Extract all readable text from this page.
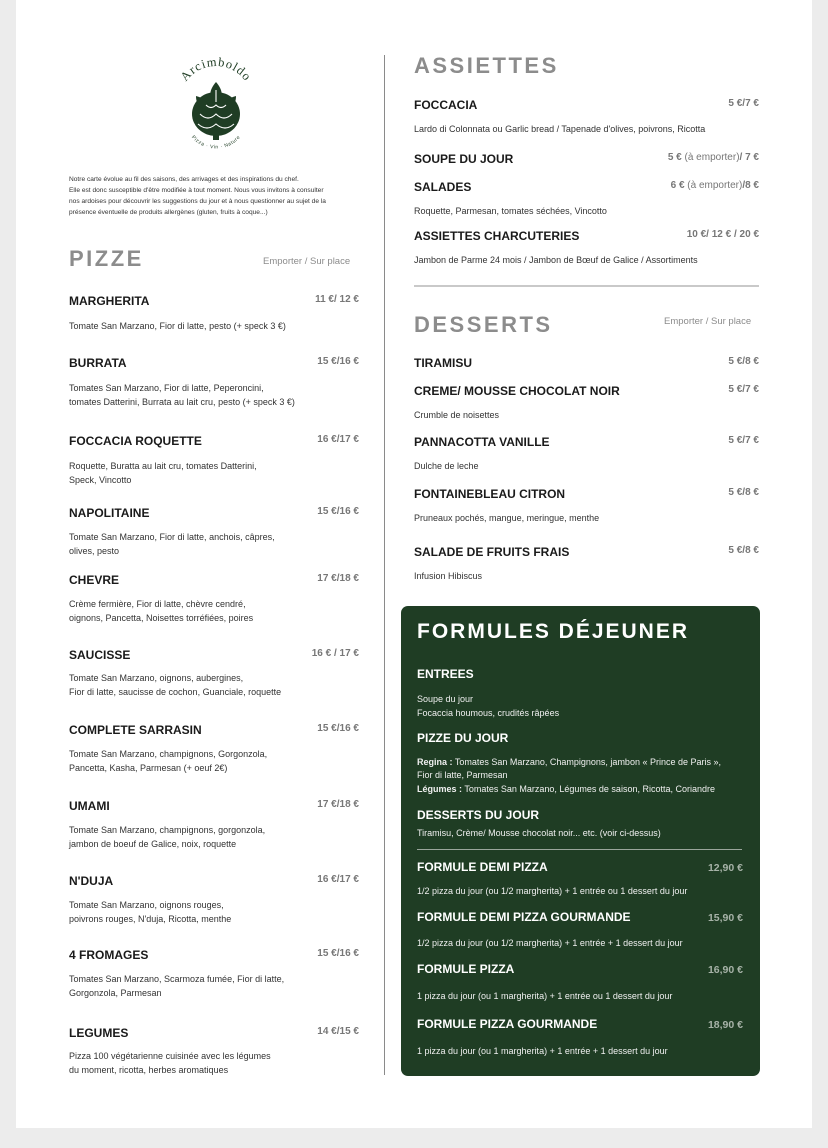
Arcimboldo
Pizza · Vin · Nature
Notre carte évolue au fil des saisons, des arrivages et des inspirations du chef.
Elle est donc susceptible d'être modifiée à tout moment. Nous vous invitons à consulter
nos ardoises pour découvrir les suggestions du jour et à nous questionner au sujet de la
présence éventuelle de produits allergènes (gluten, fruits à coque...)
PIZZE	Emporter / Sur place
MARGHERITA	11 €/ 12 €
Tomate San Marzano, Fior di latte, pesto (+ speck 3 €)
BURRATA	15 €/16 €
Tomates San Marzano, Fior di latte, Peperoncini,
tomates Datterini, Burrata au lait cru, pesto (+ speck 3 €)
FOCCACIA ROQUETTE	16 €/17 €
Roquette, Buratta au lait cru, tomates Datterini,
Speck, Vincotto
NAPOLITAINE	15 €/16 €
Tomate San Marzano, Fior di latte, anchois, câpres,
olives, pesto
CHEVRE	17 €/18 €
Crème fermière, Fior di latte, chèvre cendré,
oignons, Pancetta, Noisettes torréfiées, poires
SAUCISSE	16 € / 17 €
Tomate San Marzano, oignons, aubergines,
Fior di latte, saucisse de cochon, Guanciale, roquette
COMPLETE SARRASIN	15 €/16 €
Tomate San Marzano, champignons, Gorgonzola,
Pancetta, Kasha, Parmesan (+ oeuf 2€)
UMAMI	17 €/18 €
Tomate San Marzano, champignons, gorgonzola,
jambon de boeuf de Galice, noix, roquette
N'DUJA	16 €/17 €
Tomate San Marzano, oignons rouges,
poivrons rouges, N'duja, Ricotta, menthe
4 FROMAGES	15 €/16 €
Tomates San Marzano, Scarmoza fumée, Fior di latte,
Gorgonzola, Parmesan
LEGUMES	14 €/15 €
Pizza 100 végétarienne cuisinée avec les légumes
du moment, ricotta, herbes aromatiques
ASSIETTES
FOCCACIA	5 €/7 €
Lardo di Colonnata ou Garlic bread / Tapenade d'olives, poivrons, Ricotta
SOUPE DU JOUR	5 € (à emporter)/ 7 €
SALADES	6 € (à emporter)/8 €
Roquette, Parmesan, tomates séchées, Vincotto
ASSIETTES CHARCUTERIES	10 €/ 12 € / 20 €
Jambon de Parme 24 mois / Jambon de Bœuf de Galice / Assortiments
DESSERTS	Emporter / Sur place
TIRAMISU	5 €/8 €
CREME/ MOUSSE CHOCOLAT NOIR	5 €/7 €
Crumble de noisettes
PANNACOTTA VANILLE	5 €/7 €
Dulche de leche
FONTAINEBLEAU CITRON	5 €/8 €
Pruneaux pochés, mangue, meringue, menthe
SALADE DE FRUITS FRAIS	5 €/8 €
Infusion Hibiscus
FORMULES DÉJEUNER
ENTREES
Soupe du jour
Focaccia houmous, crudités râpées
PIZZE DU JOUR
Regina : Tomates San Marzano, Champignons, jambon « Prince de Paris »,
Fior di latte, Parmesan
Légumes : Tomates San Marzano, Légumes de saison, Ricotta, Coriandre
DESSERTS DU JOUR
Tiramisu, Crème/ Mousse chocolat noir... etc. (voir ci-dessus)
FORMULE DEMI PIZZA	12,90 €
1/2 pizza du jour (ou 1/2 margherita) + 1 entrée ou 1 dessert du jour
FORMULE DEMI PIZZA GOURMANDE	15,90 €
1/2 pizza du jour (ou 1/2 margherita) + 1 entrée + 1 dessert du jour
FORMULE PIZZA	16,90 €
1 pizza du jour (ou 1 margherita) + 1 entrée ou 1 dessert du jour
FORMULE PIZZA GOURMANDE	18,90 €
1 pizza du jour (ou 1 margherita) + 1 entrée + 1 dessert du jour
